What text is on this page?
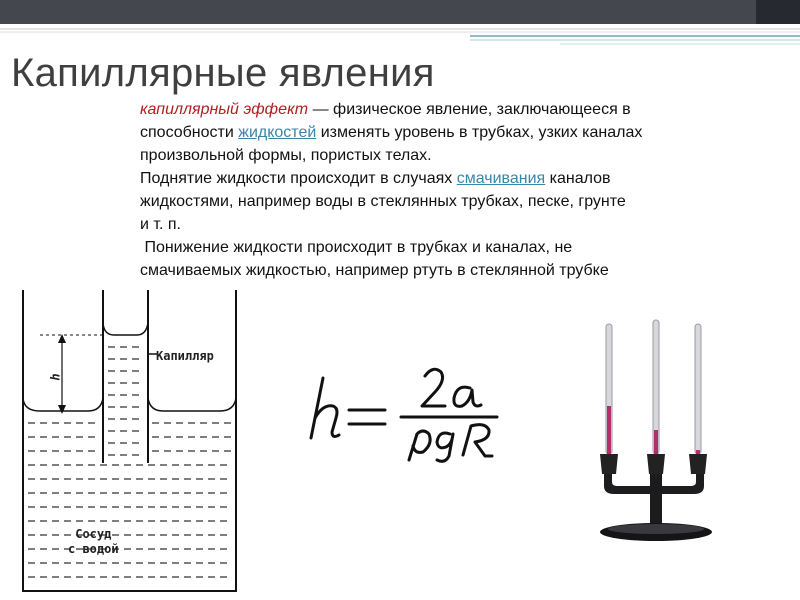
Капиллярные явления

капиллярный эффект — физическое явление, заключающееся в

способности жидкостей изменять уровень в трубках, узких каналах

произвольной формы, пористых телах.

Поднятие жидкости происходит в случаях смачивания каналов

жидкостями, например воды в стеклянных трубках, песке, грунте

и т. п.

Понижение жидкости происходит в трубках и каналах, не

смачиваемых жидкостью, например ртуть в стеклянной трубке

Капилляр
h
Сосуд
с водой
